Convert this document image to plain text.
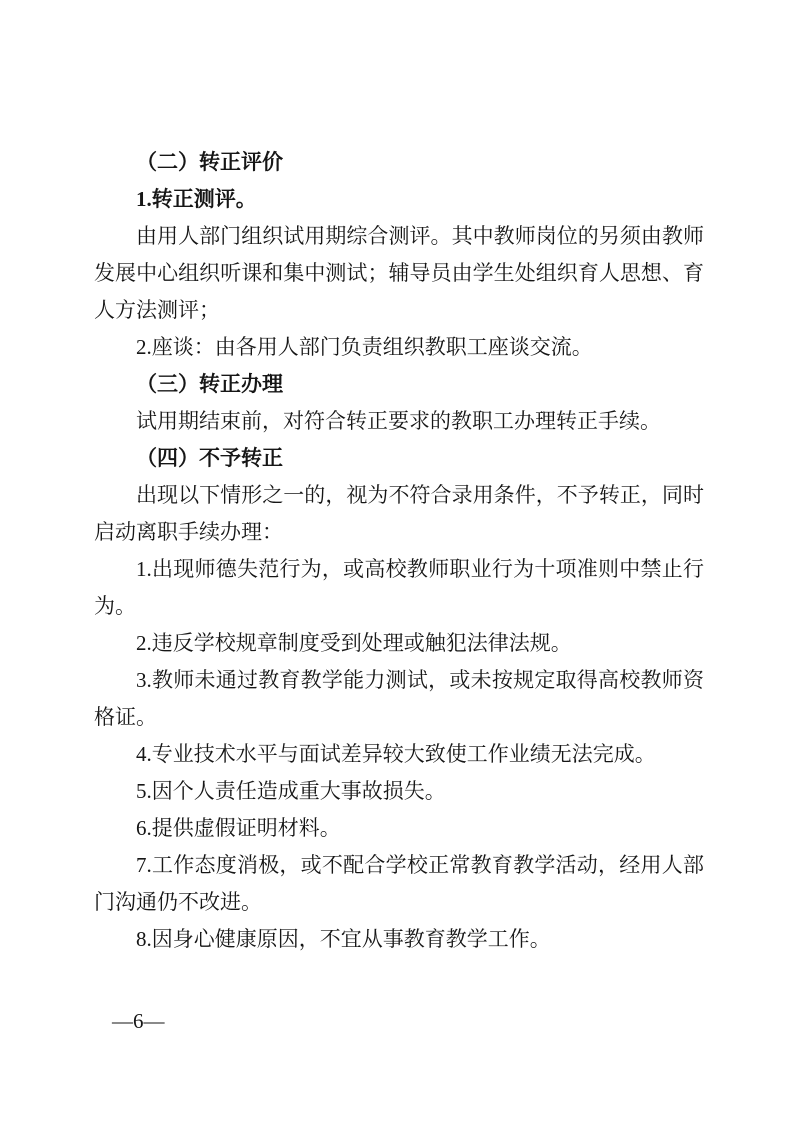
（二）转正评价

1.转正测评。

由用人部门组织试用期综合测评。其中教师岗位的另须由教师发展中心组织听课和集中测试；辅导员由学生处组织育人思想、育人方法测评；

2.座谈：由各用人部门负责组织教职工座谈交流。

（三）转正办理

试用期结束前，对符合转正要求的教职工办理转正手续。

（四）不予转正

出现以下情形之一的，视为不符合录用条件，不予转正，同时启动离职手续办理：

1.出现师德失范行为，或高校教师职业行为十项准则中禁止行为。

2.违反学校规章制度受到处理或触犯法律法规。

3.教师未通过教育教学能力测试，或未按规定取得高校教师资格证。

4.专业技术水平与面试差异较大致使工作业绩无法完成。

5.因个人责任造成重大事故损失。

6.提供虚假证明材料。

7.工作态度消极，或不配合学校正常教育教学活动，经用人部门沟通仍不改进。

8.因身心健康原因，不宜从事教育教学工作。

—6—
